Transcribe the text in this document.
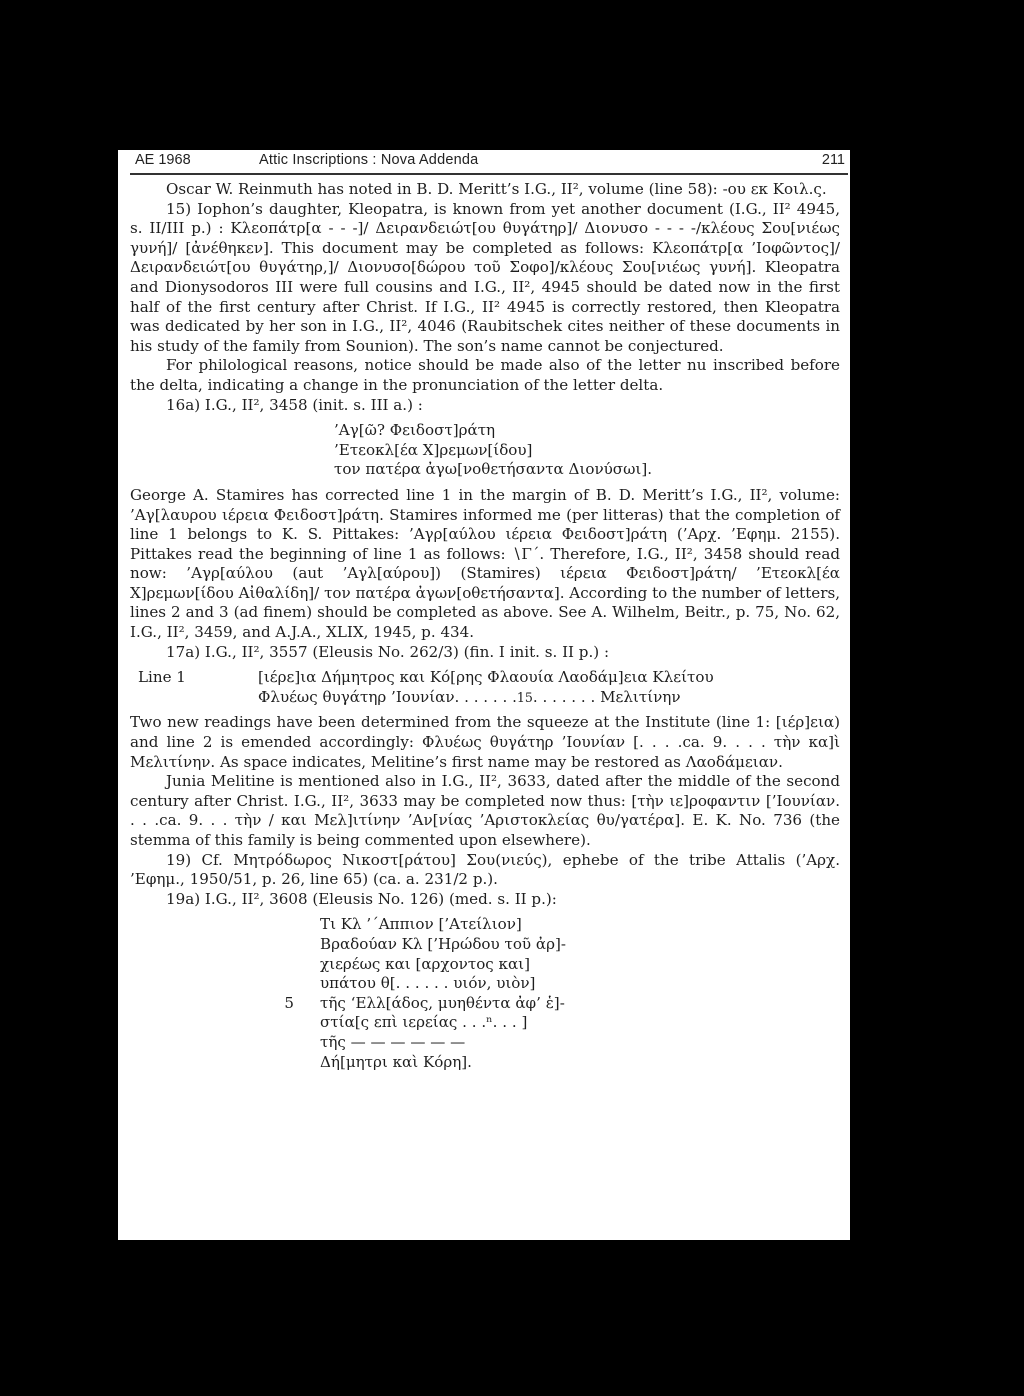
ΑΕ 1968	Attic Inscriptions : Nova Addenda	211

Oscar W. Reinmuth has noted in B. D. Meritt’s I.G., II², volume (line 58): -ου εκ Κοιλ.ς.

15) Iophon’s daughter, Kleopatra, is known from yet another document (I.G., II² 4945, s. II/III p.) : Κλεοπάτρ[α - - -]/ Δειρανδειώτ[ου θυγάτηρ]/ Διονυσο - - - -/κλέους Σου[νιέως γυνή]/ [ἀνέθηκεν]. This document may be completed as follows: Κλεοπάτρ[α ’Ιοφῶντος]/ Δειρανδειώτ[ου θυγάτηρ,]/ Διονυσο[δώρου τοῦ Σοφο]/κλέους Σου[νιέως γυνή]. Kleopatra and Dionysodoros III were full cousins and I.G., II², 4945 should be dated now in the first half of the first century after Christ. If I.G., II² 4945 is correctly restored, then Kleopatra was dedicated by her son in I.G., II², 4046 (Raubitschek cites neither of these documents in his study of the family from Sounion). The son’s name cannot be conjectured.

For philological reasons, notice should be made also of the letter nu inscribed before the delta, indicating a change in the pronunciation of the letter delta.

16a) I.G., II², 3458 (init. s. III a.) :

’Αγ[ῶ? Φειδοστ]ράτη

’Ετεοκλ[έα Χ]ρεμων[ίδου]

τον πατέρα ἀγω[νοθετήσαντα Διονύσωι].

George A. Stamires has corrected line 1 in the margin of B. D. Meritt’s I.G., II², volume: ’Αγ[λαυρου ιέρεια Φειδοστ]ράτη. Stamires informed me (per litteras) that the completion of line 1 belongs to K. S. Pittakes: ’Αγρ[αύλου ιέρεια Φειδοστ]ράτη (’Αρχ. ’Εφημ. 2155). Pittakes read the beginning of line 1 as follows: ∖Γ΄. Therefore, I.G., II², 3458 should read now: ’Αγρ[αύλου (aut ’Αγλ[αύρου]) (Stamires) ιέρεια Φειδοστ]ράτη/ ’Ετεοκλ[έα Χ]ρεμων[ίδου Αἰθαλίδη]/ τον πατέρα ἀγων[οθετήσαντα]. According to the number of letters, lines 2 and 3 (ad finem) should be completed as above. See A. Wilhelm, Beitr., p. 75, No. 62, I.G., II², 3459, and A.J.A., XLIX, 1945, p. 434.

17a) I.G., II², 3557 (Eleusis No. 262/3) (fin. I init. s. II p.) :

Line 1	[ιέρε]ια Δήμητρος και Κό[ρης Φλαουία Λαοδάμ]εια Κλείτου
Φλυέως θυγάτηρ ’Ιουνίαν. . . . . . . 15 . . . . . . . Μελιτίνην

Two new readings have been determined from the squeeze at the Institute (line 1: [ιέρ]εια) and line 2 is emended accordingly: Φλυέως θυγάτηρ ’Ιουνίαν [. . . .ca. 9. . . . τὴν κα]ὶ Μελιτίνην. As space indicates, Melitine’s first name may be restored as Λαοδάμειαν.

Junia Melitine is mentioned also in I.G., II², 3633, dated after the middle of the second century after Christ. I.G., II², 3633 may be completed now thus: [τὴν ιε]ροφαντιν [’Ιουνίαν. . . .ca. 9. . . τὴν / και Μελ]ιτίνην ’Αν[νίας ’Αριστοκλείας θυ/γατέρα]. E. K. No. 736 (the stemma of this family is being commented upon elsewhere).

19) Cf. Μητρόδωρος Νικοστ[ράτου] Σου(νιεύς), ephebe of the tribe Attalis (’Αρχ. ’Εφημ., 1950/51, p. 26, line 65) (ca. a. 231/2 p.).

19a) I.G., II², 3608 (Eleusis No. 126) (med. s. II p.):

Τι Κλ ’´Αππιον [’Ατείλιον]
Βραδούαν Κλ [’Ηρώδου τοῦ ἀρ]-
χιερέως και [αρχοντος και]
υπάτου θ[. . . . . . υιόν, υιὸν]
5	τῆς ‘Ελλ[άδος, μυηθέντα ἀφ’ ἑ]-
στία[ς επὶ ιερείας . . .ⁿ. . . ]
τῆς — — — — — —
Δή[μητρι καὶ Κόρη].
